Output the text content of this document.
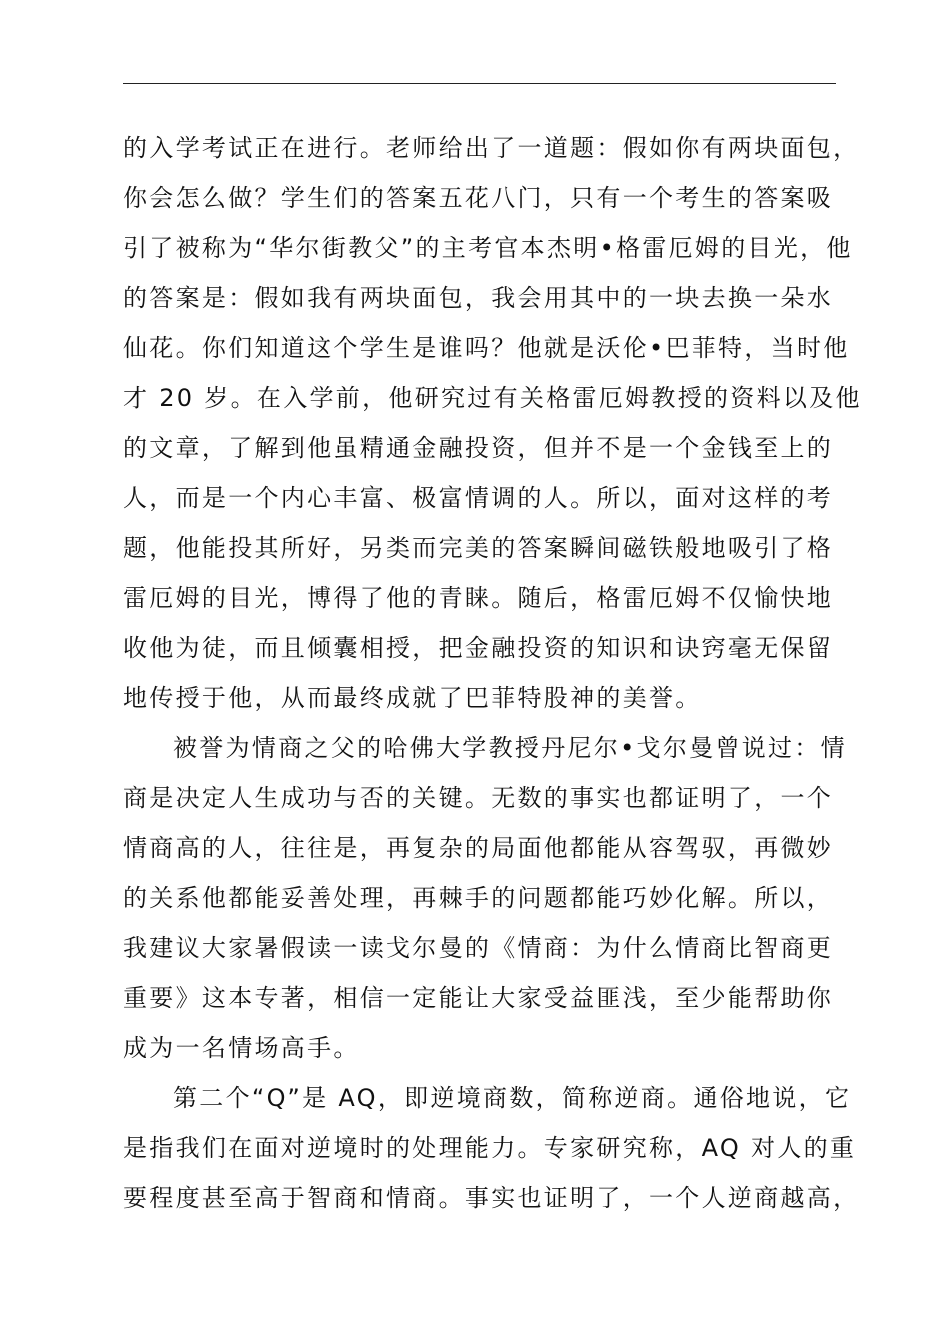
的入学考试正在进行。老师给出了一道题：假如你有两块面包，
你会怎么做？学生们的答案五花八门，只有一个考生的答案吸
引了被称为“华尔街教父”的主考官本杰明•格雷厄姆的目光，他
的答案是：假如我有两块面包，我会用其中的一块去换一朵水
仙花。你们知道这个学生是谁吗？他就是沃伦•巴菲特，当时他
才 20 岁。在入学前，他研究过有关格雷厄姆教授的资料以及他
的文章，了解到他虽精通金融投资，但并不是一个金钱至上的
人，而是一个内心丰富、极富情调的人。所以，面对这样的考
题，他能投其所好，另类而完美的答案瞬间磁铁般地吸引了格
雷厄姆的目光，博得了他的青睐。随后，格雷厄姆不仅愉快地
收他为徒，而且倾囊相授，把金融投资的知识和诀窍毫无保留
地传授于他，从而最终成就了巴菲特股神的美誉。
被誉为情商之父的哈佛大学教授丹尼尔•戈尔曼曾说过：情
商是决定人生成功与否的关键。无数的事实也都证明了，一个
情商高的人，往往是，再复杂的局面他都能从容驾驭，再微妙
的关系他都能妥善处理，再棘手的问题都能巧妙化解。所以，
我建议大家暑假读一读戈尔曼的《情商：为什么情商比智商更
重要》这本专著，相信一定能让大家受益匪浅，至少能帮助你
成为一名情场高手。
第二个“Q”是 AQ，即逆境商数，简称逆商。通俗地说，它
是指我们在面对逆境时的处理能力。专家研究称，AQ 对人的重
要程度甚至高于智商和情商。事实也证明了，一个人逆商越高，
